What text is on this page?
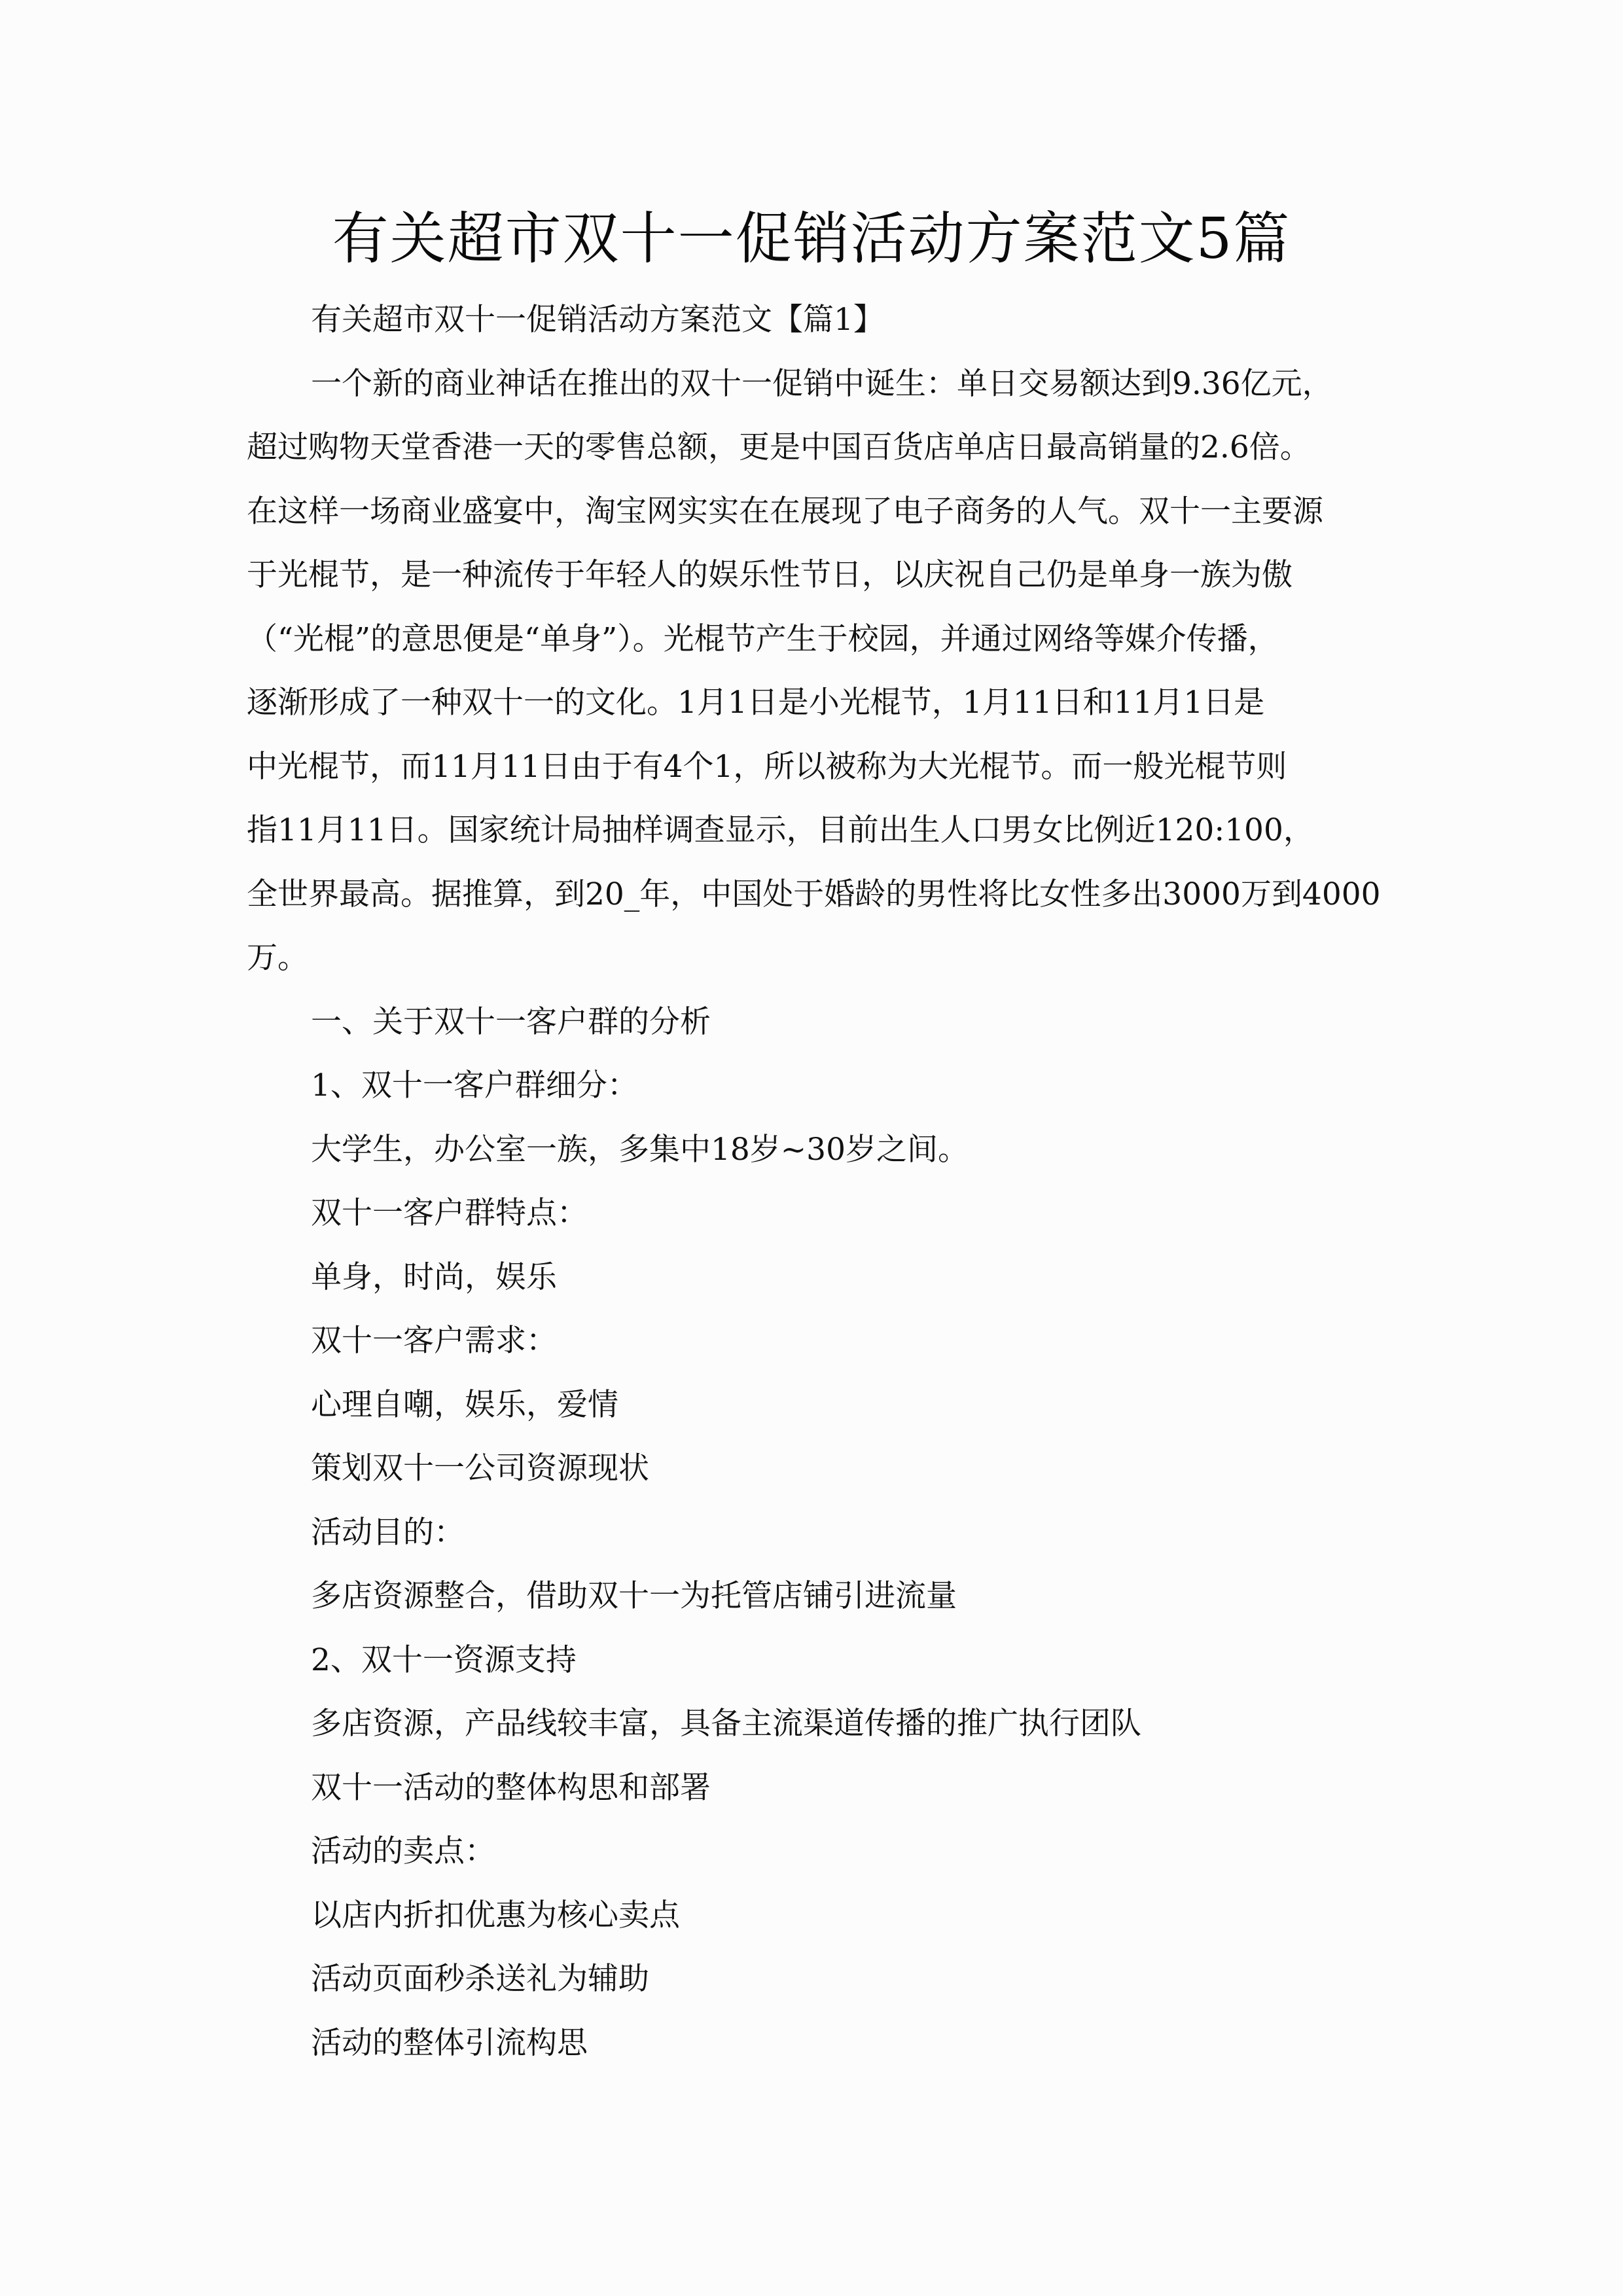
有关超市双十一促销活动方案范文5篇
有关超市双十一促销活动方案范文【篇1】
一个新的商业神话在推出的双十一促销中诞生：单日交易额达到9.36亿元，
超过购物天堂香港一天的零售总额，更是中国百货店单店日最高销量的2.6倍。
在这样一场商业盛宴中，淘宝网实实在在展现了电子商务的人气。双十一主要源
于光棍节，是一种流传于年轻人的娱乐性节日，以庆祝自己仍是单身一族为傲
（“光棍”的意思便是“单身”）。光棍节产生于校园，并通过网络等媒介传播，
逐渐形成了一种双十一的文化。1月1日是小光棍节，1月11日和11月1日是
中光棍节，而11月11日由于有4个1，所以被称为大光棍节。而一般光棍节则
指11月11日。国家统计局抽样调查显示，目前出生人口男女比例近120:100，
全世界最高。据推算，到20_年，中国处于婚龄的男性将比女性多出3000万到4000
万。
一、关于双十一客户群的分析
1、双十一客户群细分：
大学生，办公室一族，多集中18岁~30岁之间。
双十一客户群特点：
单身，时尚，娱乐
双十一客户需求：
心理自嘲，娱乐，爱情
策划双十一公司资源现状
活动目的：
多店资源整合，借助双十一为托管店铺引进流量
2、双十一资源支持
多店资源，产品线较丰富，具备主流渠道传播的推广执行团队
双十一活动的整体构思和部署
活动的卖点：
以店内折扣优惠为核心卖点
活动页面秒杀送礼为辅助
活动的整体引流构思
